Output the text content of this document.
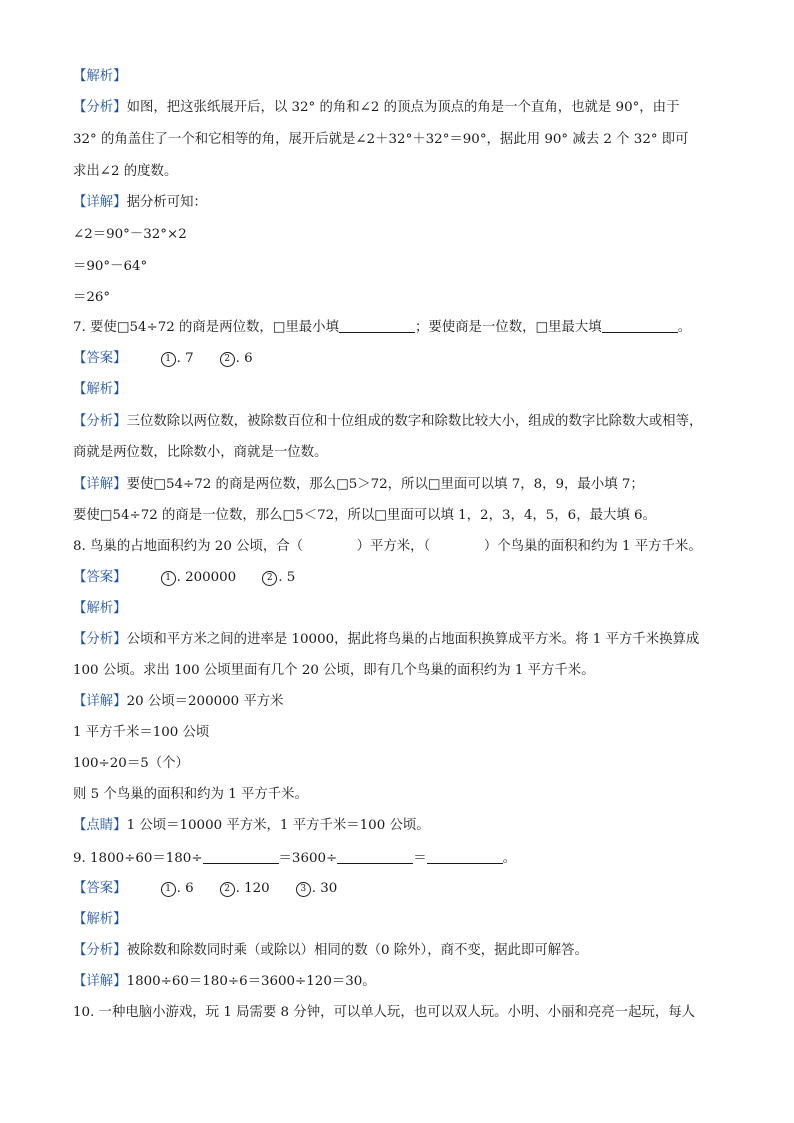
【解析】
【分析】如图，把这张纸展开后，以 32° 的角和∠2 的顶点为顶点的角是一个直角，也就是 90°，由于
32° 的角盖住了一个和它相等的角，展开后就是∠2＋32°＋32°＝90°，据此用 90° 减去 2 个 32° 即可
求出∠2 的度数。
【详解】据分析可知：
∠2＝90°－32°×2
＝90°－64°
＝26°
7. 要使□54÷72 的商是两位数，□里最小填	；要使商是一位数，□里最大填	。
【答案】	1 . 7	2 . 6
【解析】
【分析】三位数除以两位数，被除数百位和十位组成的数字和除数比较大小，组成的数字比除数大或相等，
商就是两位数，比除数小，商就是一位数。
【详解】要使□54÷72 的商是两位数，那么□5＞72，所以□里面可以填 7，8，9，最小填 7；
要使□54÷72 的商是一位数，那么□5＜72，所以□里面可以填 1，2，3，4，5，6，最大填 6。
8. 鸟巢的占地面积约为 20 公顷，合（　　　　）平方米，（　　　　）个鸟巢的面积和约为 1 平方千米。
【答案】	1 . 200000	2 . 5
【解析】
【分析】公顷和平方米之间的进率是 10000，据此将鸟巢的占地面积换算成平方米。将 1 平方千米换算成
100 公顷。求出 100 公顷里面有几个 20 公顷，即有几个鸟巢的面积约为 1 平方千米。
【详解】20 公顷＝200000 平方米
1 平方千米＝100 公顷
100÷20＝5（个）
则 5 个鸟巢的面积和约为 1 平方千米。
【点睛】1 公顷＝10000 平方米，1 平方千米＝100 公顷。
9. 1800÷60＝180÷	＝3600÷	＝	。
【答案】	1 . 6	2 . 120	3 . 30
【解析】
【分析】被除数和除数同时乘（或除以）相同的数（0 除外），商不变，据此即可解答。
【详解】1800÷60＝180÷6＝3600÷120＝30。
10. 一种电脑小游戏，玩 1 局需要 8 分钟，可以单人玩，也可以双人玩。小明、小丽和亮亮一起玩，每人
